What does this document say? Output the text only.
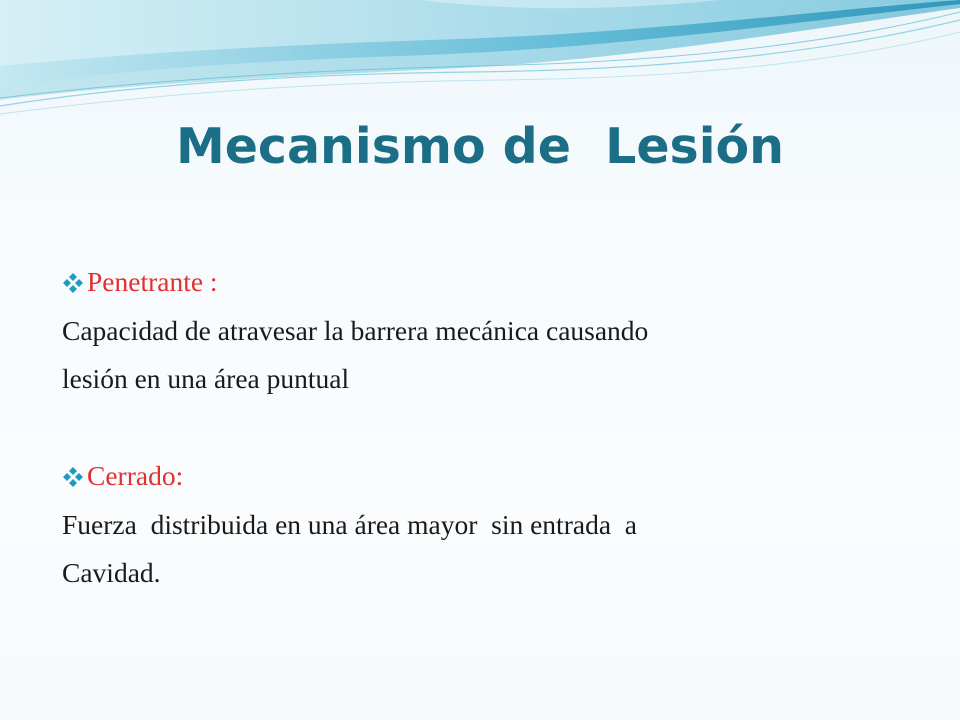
Mecanismo de  Lesión
Penetrante :
Capacidad de atravesar la barrera mecánica causando
lesión en una área puntual
Cerrado:
Fuerza  distribuida en una área mayor  sin entrada  a
Cavidad.
